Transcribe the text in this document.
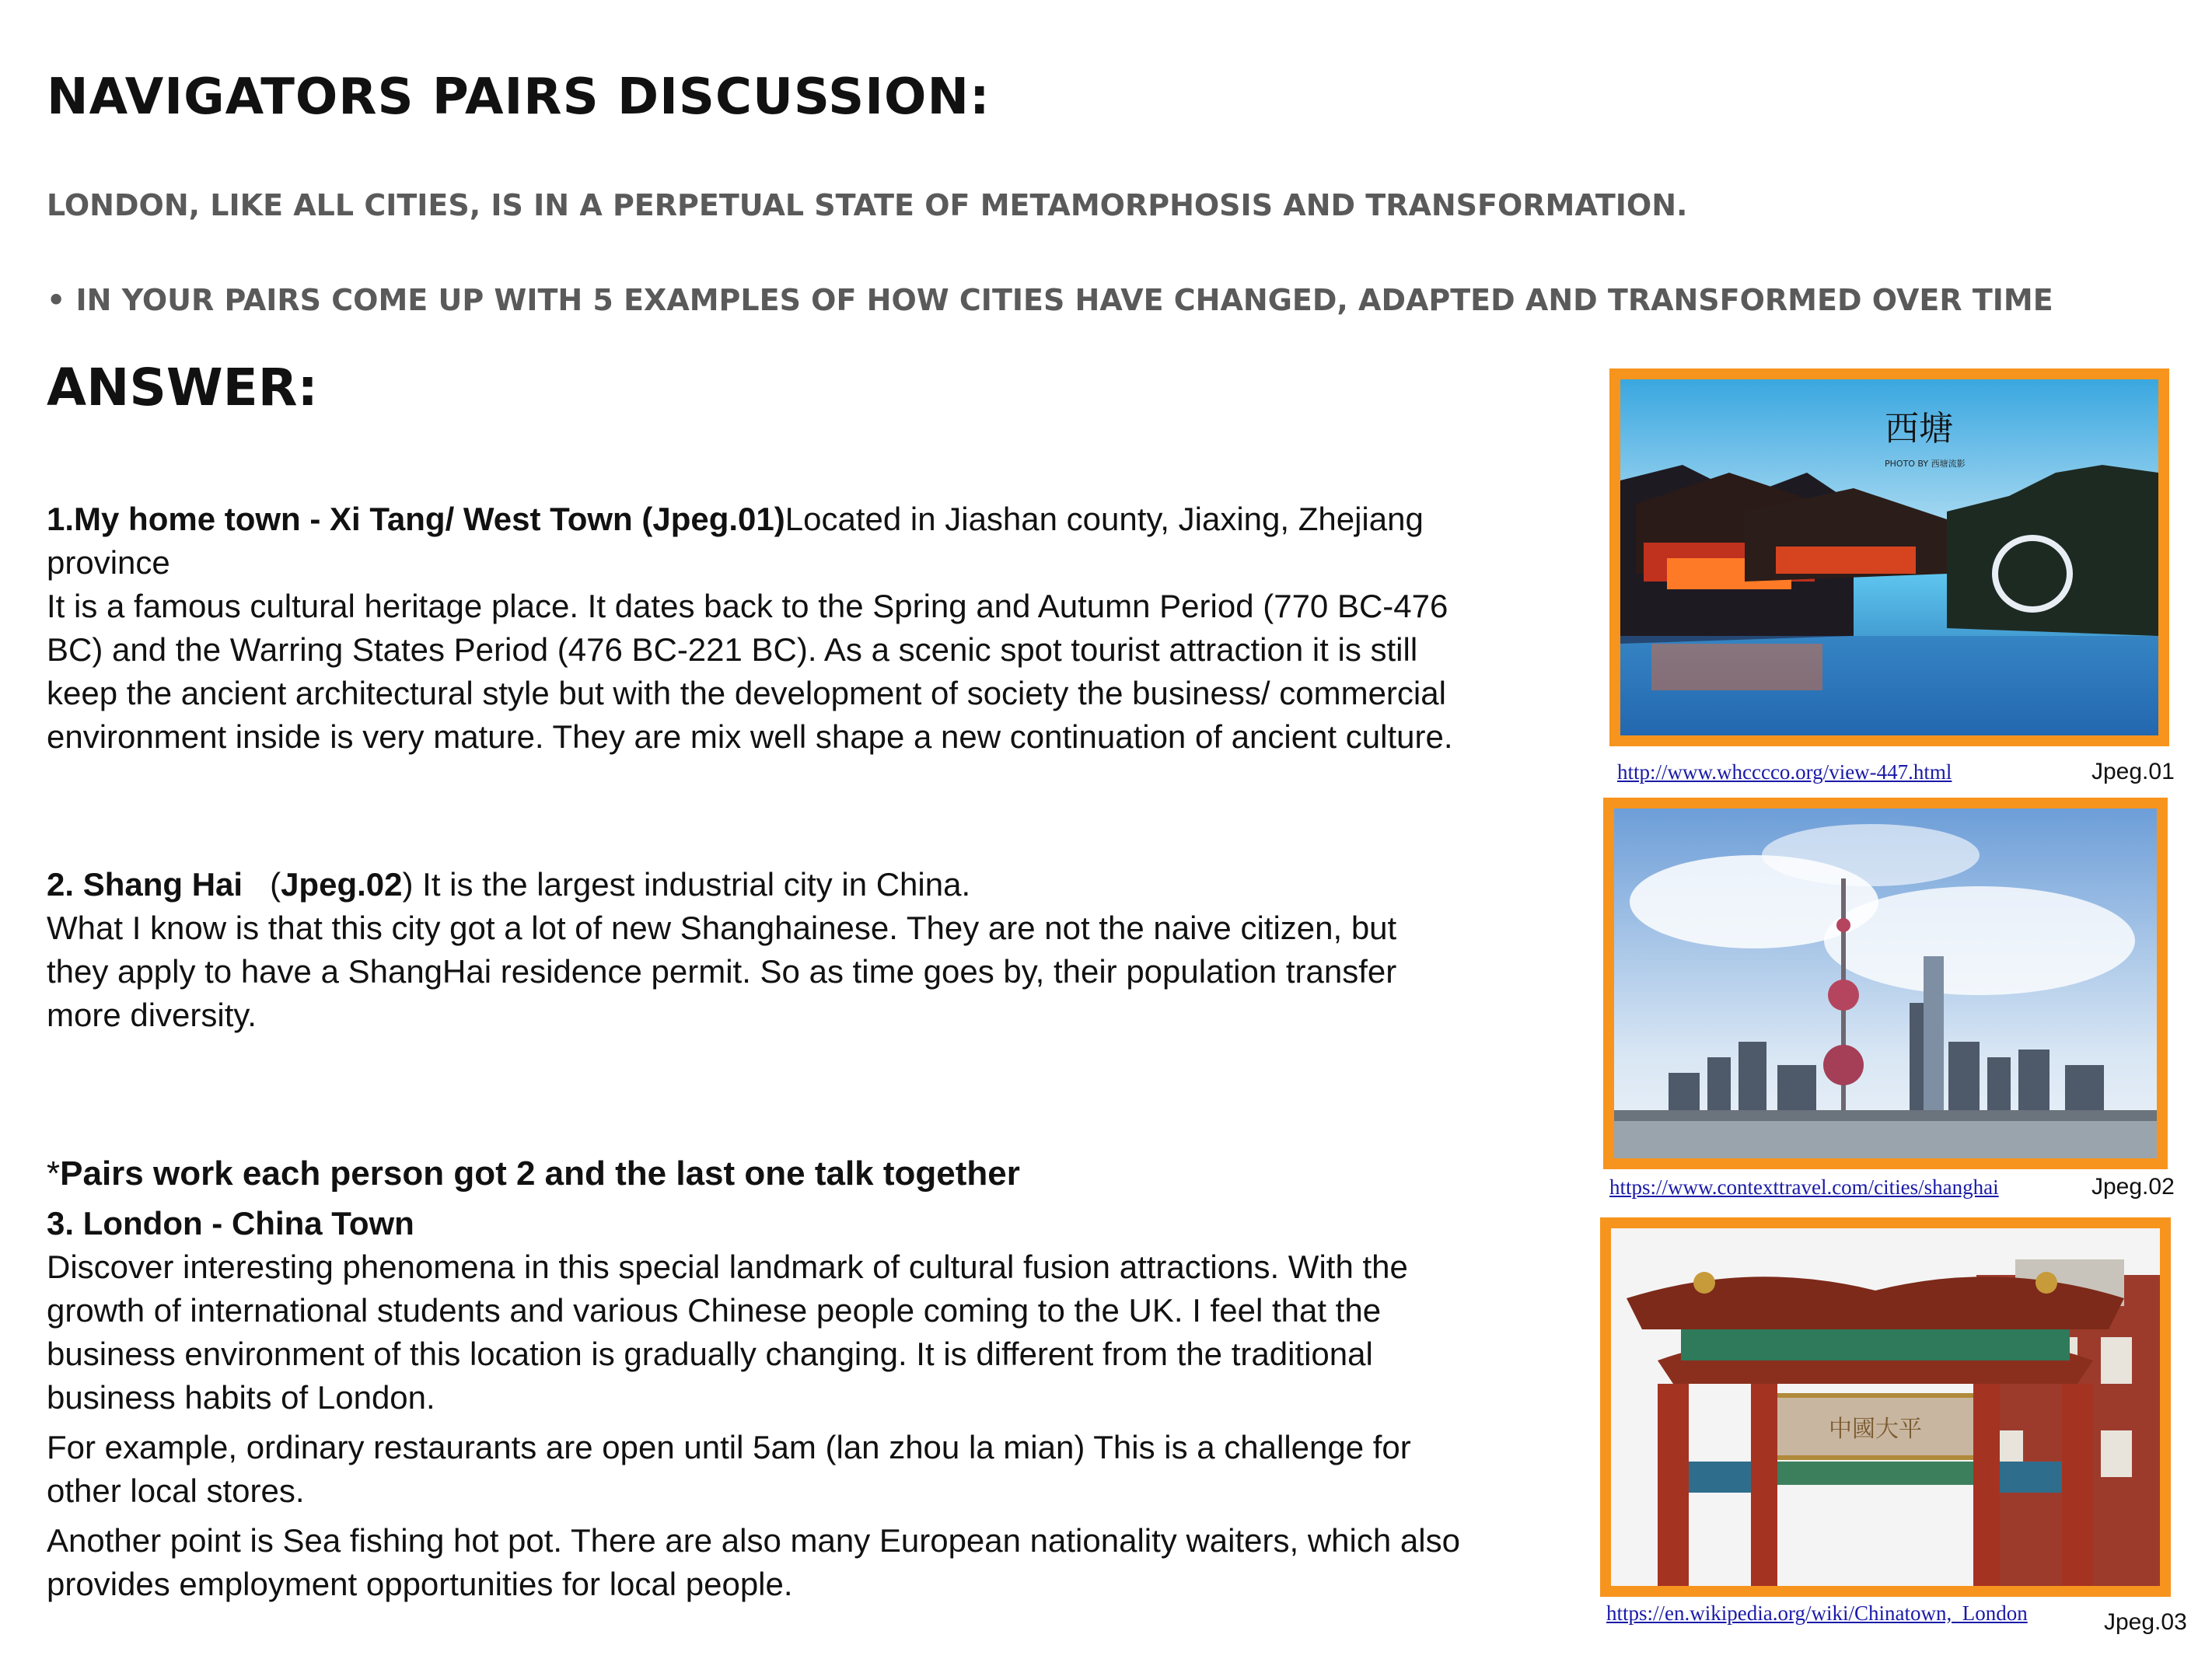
NAVIGATORS PAIRS DISCUSSION:
LONDON, LIKE ALL CITIES, IS IN A PERPETUAL STATE OF METAMORPHOSIS AND TRANSFORMATION.
• IN YOUR PAIRS COME UP WITH 5 EXAMPLES OF HOW CITIES HAVE CHANGED, ADAPTED AND TRANSFORMED OVER TIME
ANSWER:
1.My home town - Xi Tang/ West Town (Jpeg.01)Located in Jiashan county, Jiaxing, Zhejiang province
It is a famous cultural heritage place. It dates back to the Spring and Autumn Period (770 BC-476 BC) and the Warring States Period (476 BC-221 BC). As a scenic spot tourist attraction it is still keep the ancient architectural style but with the development of society the business/ commercial environment inside is very mature. They are mix well shape a new continuation of ancient culture.
2. Shang Hai (Jpeg.02) It is the largest industrial city in China.
What I know is that this city got a lot of new Shanghainese. They are not the naive citizen, but they apply to have a ShangHai residence permit. So as time goes by, their population transfer more diversity.
*Pairs work each person got 2 and the last one talk together
3. London - China Town
Discover interesting phenomena in this special landmark of cultural fusion attractions. With the growth of international students and various Chinese people coming to the UK. I feel that the business environment of this location is gradually changing. It is different from the traditional business habits of London.
For example, ordinary restaurants are open until 5am (lan zhou la mian) This is a challenge for other local stores.
Another point is Sea fishing hot pot. There are also many European nationality waiters, which also provides employment opportunities for local people.
西塘
PHOTO BY 西塘流影
http://www.whcccco.org/view-447.html	Jpeg.01
https://www.contexttravel.com/cities/shanghai	Jpeg.02
中國大平
https://en.wikipedia.org/wiki/Chinatown,_London	Jpeg.03
